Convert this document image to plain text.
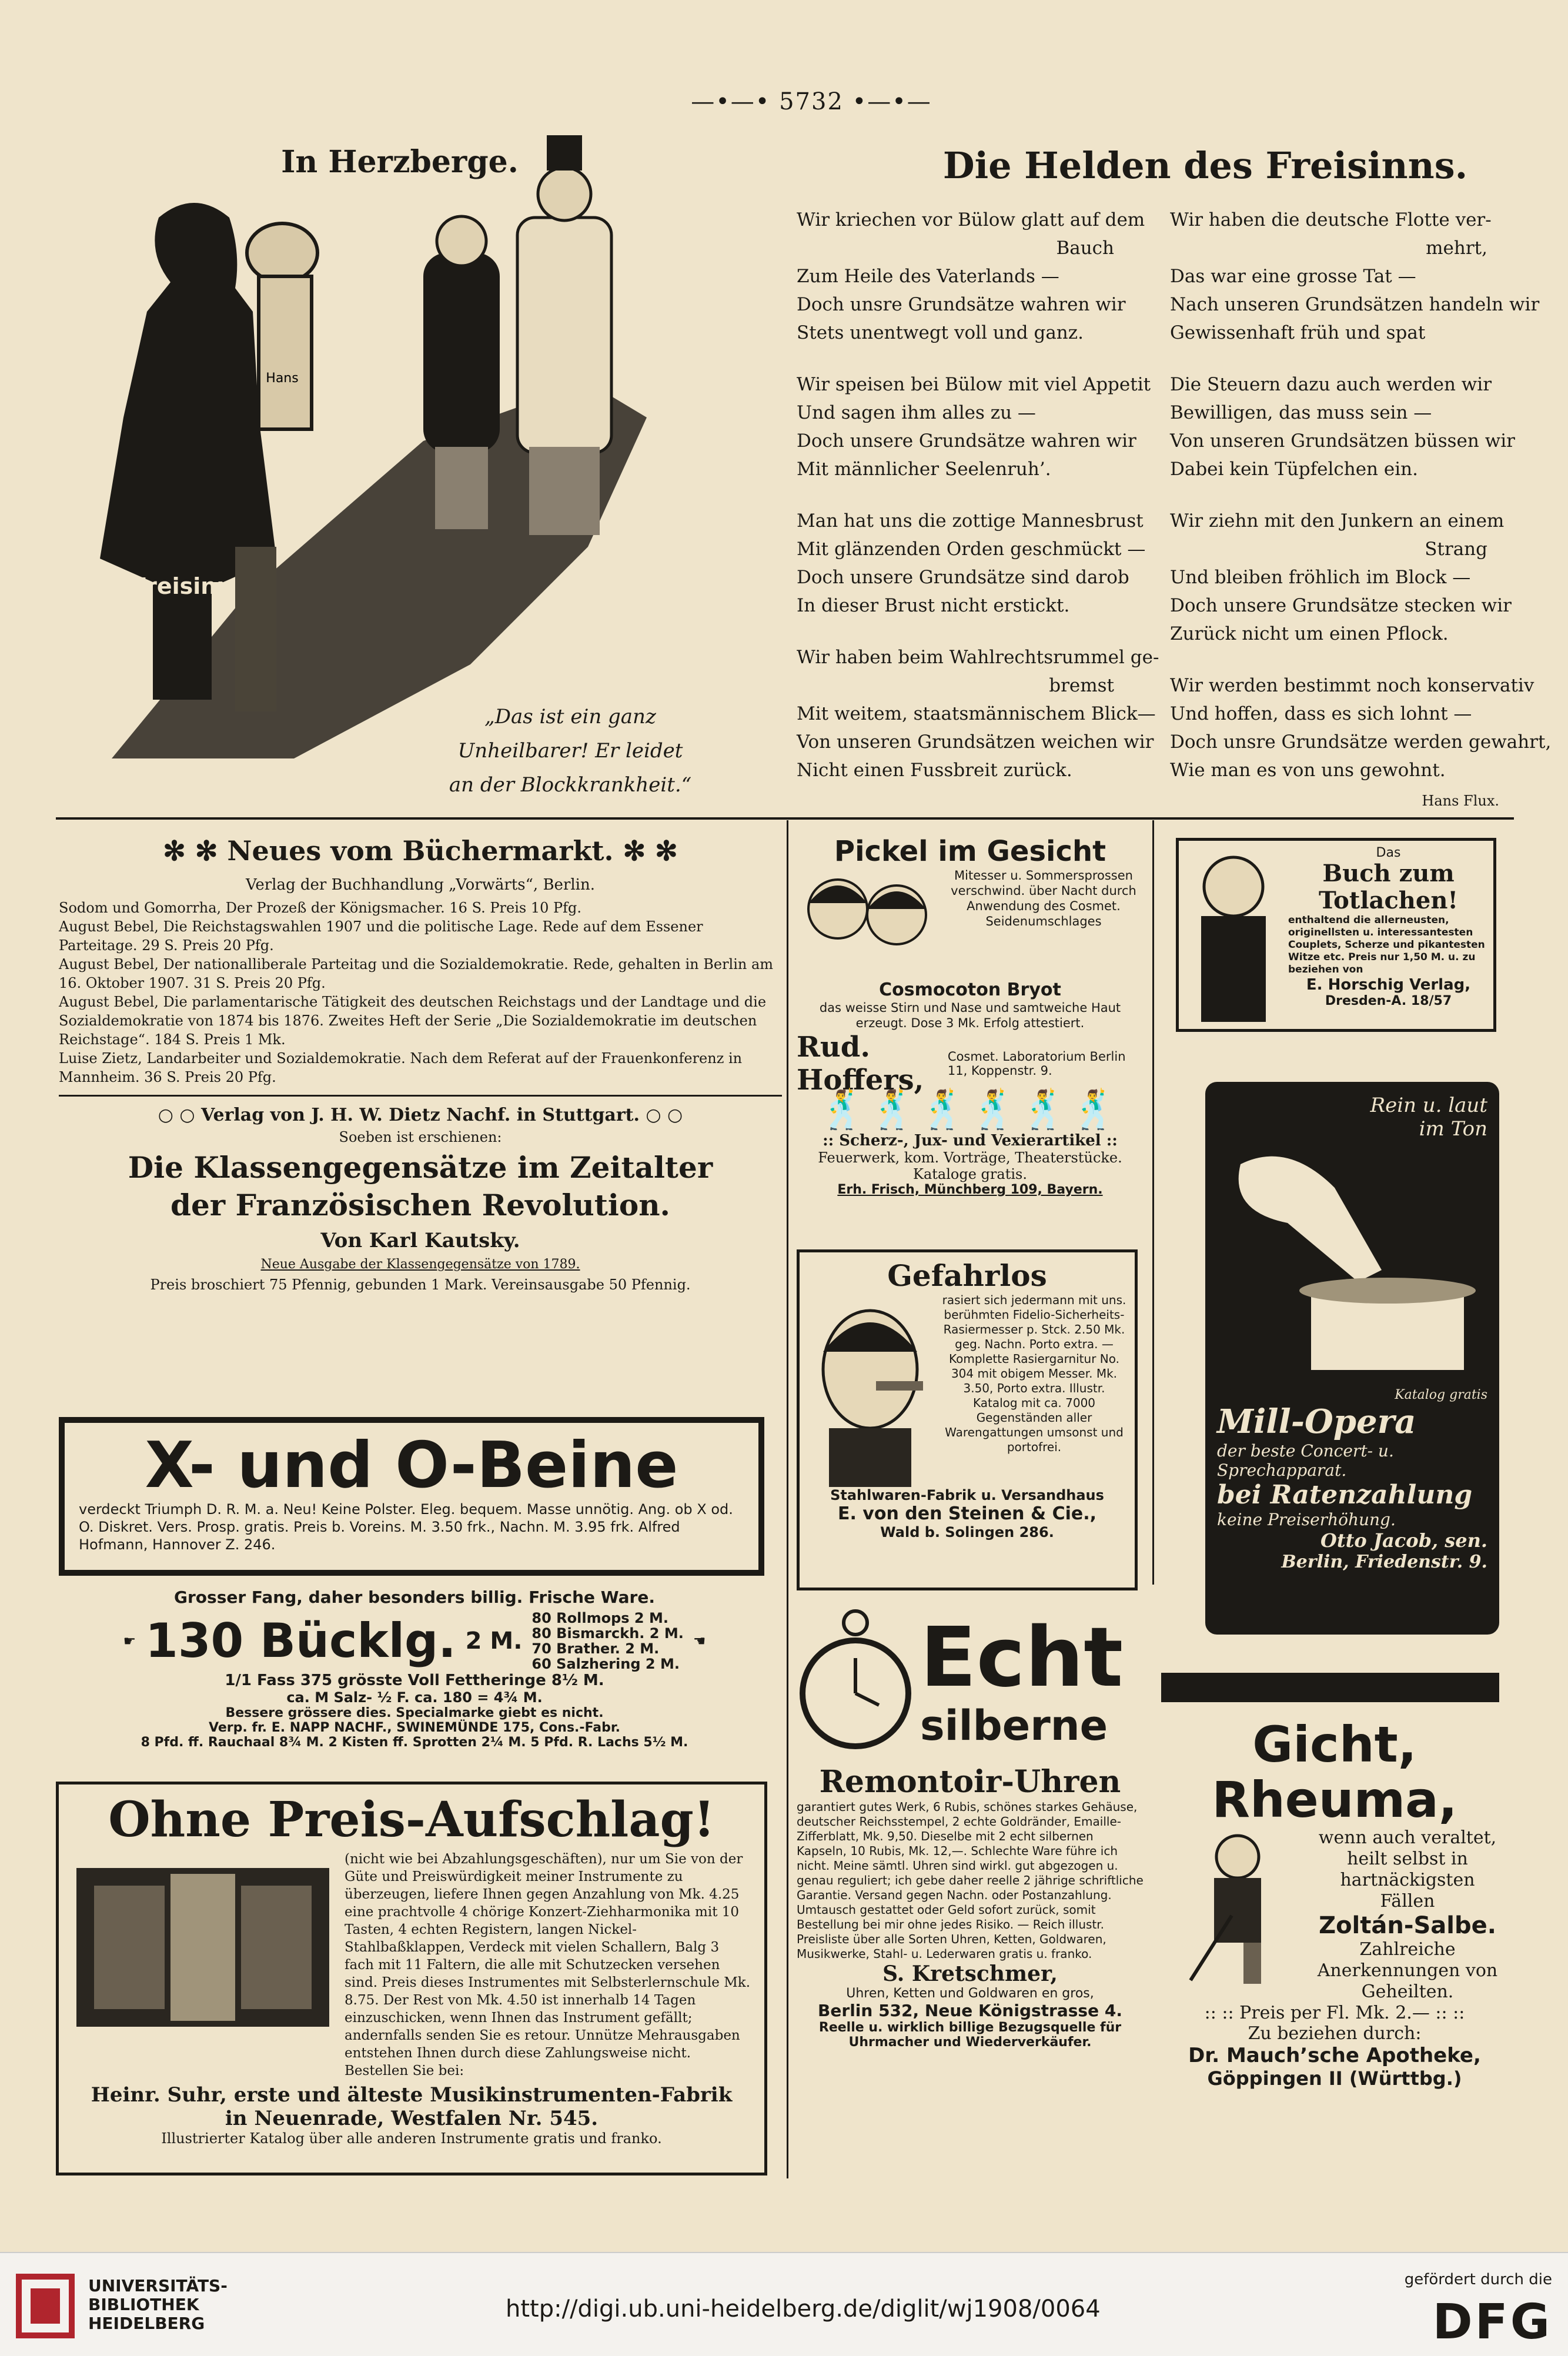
—•—• 5732 •—•—
In Herzberge.
Hans
Freisinn
„Das ist ein ganz
Unheilbarer! Er leidet
an der Blockkrankheit.“
Die Helden des Freisinns.
Wir kriechen vor Bülow glatt auf dem
Bauch
Zum Heile des Vaterlands —
Doch unsre Grundsätze wahren wir
Stets unentwegt voll und ganz.
Wir speisen bei Bülow mit viel Appetit
Und sagen ihm alles zu —
Doch unsere Grundsätze wahren wir
Mit männlicher Seelenruh’.
Man hat uns die zottige Mannesbrust
Mit glänzenden Orden geschmückt —
Doch unsere Grundsätze sind darob
In dieser Brust nicht erstickt.
Wir haben beim Wahlrechtsrummel ge-
bremst
Mit weitem, staatsmännischem Blick—
Von unseren Grundsätzen weichen wir
Nicht einen Fussbreit zurück.
Wir haben die deutsche Flotte ver-
mehrt,
Das war eine grosse Tat —
Nach unseren Grundsätzen handeln wir
Gewissenhaft früh und spat
Die Steuern dazu auch werden wir
Bewilligen, das muss sein —
Von unseren Grundsätzen büssen wir
Dabei kein Tüpfelchen ein.
Wir ziehn mit den Junkern an einem
Strang
Und bleiben fröhlich im Block —
Doch unsere Grundsätze stecken wir
Zurück nicht um einen Pflock.
Wir werden bestimmt noch konservativ
Und hoffen, dass es sich lohnt —
Doch unsre Grundsätze werden gewahrt,
Wie man es von uns gewohnt.
Hans Flux.
✻ ✻ Neues vom Büchermarkt. ✻ ✻
Verlag der Buchhandlung „Vorwärts“, Berlin.
Sodom und Gomorrha, Der Prozeß der Königsmacher. 16 S. Preis 10 Pfg.
August Bebel, Die Reichstagswahlen 1907 und die politische Lage. Rede auf dem Essener Parteitage. 29 S. Preis 20 Pfg.
August Bebel, Der nationalliberale Parteitag und die Sozialdemokratie. Rede, gehalten in Berlin am 16. Oktober 1907. 31 S. Preis 20 Pfg.
August Bebel, Die parlamentarische Tätigkeit des deutschen Reichstags und der Landtage und die Sozialdemokratie von 1874 bis 1876. Zweites Heft der Serie „Die Sozialdemokratie im deutschen Reichstage“. 184 S. Preis 1 Mk.
Luise Zietz, Landarbeiter und Sozialdemokratie. Nach dem Referat auf der Frauenkonferenz in Mannheim. 36 S. Preis 20 Pfg.
○ ○ Verlag von J. H. W. Dietz Nachf. in Stuttgart. ○ ○
Soeben ist erschienen:
Die Klassengegensätze im Zeitalter
der Französischen Revolution.
Von Karl Kautsky.
Neue Ausgabe der Klassengegensätze von 1789.
Preis broschiert 75 Pfennig, gebunden 1 Mark. Vereinsausgabe 50 Pfennig.
X- und O-Beine
verdeckt Triumph D. R. M. a. Neu! Keine Polster. Eleg. bequem. Masse unnötig. Ang. ob X od. O. Diskret. Vers. Prosp. gratis. Preis b. Voreins. M. 3.50 frk., Nachn. M. 3.95 frk. Alfred Hofmann, Hannover Z. 246.
Grosser Fang, daher besonders billig. Frische Ware.
☛ 130 Bücklg. 2 M.
80 Rollmops 2 M.
80 Bismarckh. 2 M.
70 Brather. 2 M.
60 Salzhering 2 M.
☚
1/1 Fass 375 grösste Voll Fettheringe 8½ M.
ca. M Salz- ½ F. ca. 180 = 4¾ M.
Bessere grössere dies. Specialmarke giebt es nicht.
Verp. fr. E. NAPP NACHF., SWINEMÜNDE 175, Cons.-Fabr.
8 Pfd. ff. Rauchaal 8¾ M. 2 Kisten ff. Sprotten 2¼ M. 5 Pfd. R. Lachs 5½ M.
Ohne Preis-Aufschlag!
(nicht wie bei Abzahlungsgeschäften), nur um Sie von der Güte und Preiswürdigkeit meiner Instrumente zu überzeugen, liefere Ihnen gegen Anzahlung von Mk. 4.25 eine prachtvolle 4 chörige Konzert-Ziehharmonika mit 10 Tasten, 4 echten Registern, langen Nickel-Stahlbaßklappen, Verdeck mit vielen Schallern, Balg 3 fach mit 11 Faltern, die alle mit Schutzecken versehen sind. Preis dieses Instrumentes mit Selbsterlernschule Mk. 8.75. Der Rest von Mk. 4.50 ist innerhalb 14 Tagen einzuschicken, wenn Ihnen das Instrument gefällt; andernfalls senden Sie es retour. Unnütze Mehrausgaben entstehen Ihnen durch diese Zahlungsweise nicht. Bestellen Sie bei:
Heinr. Suhr, erste und älteste Musikinstrumenten-Fabrik
in Neuenrade, Westfalen Nr. 545.
Illustrierter Katalog über alle anderen Instrumente gratis und franko.
Pickel im Gesicht
Mitesser u. Sommersprossen verschwind. über Nacht durch Anwendung des Cosmet. Seidenumschlages
Cosmocoton Bryot
das weisse Stirn und Nase und samtweiche Haut erzeugt. Dose 3 Mk. Erfolg attestiert.
Rud. Hoffers,
Cosmet. Laboratorium Berlin 11, Koppenstr. 9.
🕺🕺🕺🕺🕺🕺
:: Scherz-, Jux- und Vexierartikel ::
Feuerwerk, kom. Vorträge, Theaterstücke.
Kataloge gratis.
Erh. Frisch, Münchberg 109, Bayern.
Gefahrlos
rasiert sich jedermann mit uns. berühmten Fidelio-Sicherheits-Rasiermesser p. Stck. 2.50 Mk. geg. Nachn. Porto extra. — Komplette Rasiergarnitur No. 304 mit obigem Messer. Mk. 3.50, Porto extra. Illustr. Katalog mit ca. 7000 Gegenständen aller Warengattungen umsonst und portofrei.
Stahlwaren-Fabrik u. Versandhaus
E. von den Steinen & Cie.,
Wald b. Solingen 286.
Echt
silberne
Remontoir-Uhren
garantiert gutes Werk, 6 Rubis, schönes starkes Gehäuse, deutscher Reichsstempel, 2 echte Goldränder, Emaille-Zifferblatt, Mk. 9,50. Dieselbe mit 2 echt silbernen Kapseln, 10 Rubis, Mk. 12,—. Schlechte Ware führe ich nicht. Meine sämtl. Uhren sind wirkl. gut abgezogen u. genau reguliert; ich gebe daher reelle 2 jährige schriftliche Garantie. Versand gegen Nachn. oder Postanzahlung. Umtausch gestattet oder Geld sofort zurück, somit Bestellung bei mir ohne jedes Risiko. — Reich illustr. Preisliste über alle Sorten Uhren, Ketten, Goldwaren, Musikwerke, Stahl- u. Lederwaren gratis u. franko.
S. Kretschmer,
Uhren, Ketten und Goldwaren en gros,
Berlin 532, Neue Königstrasse 4.
Reelle u. wirklich billige Bezugsquelle für Uhrmacher und Wiederverkäufer.
Das
Buch zum Totlachen!
enthaltend die allerneusten, originellsten u. interessantesten Couplets, Scherze und pikantesten Witze etc. Preis nur 1,50 M. u. zu beziehen von
E. Horschig Verlag,
Dresden-A. 18/57
Rein u. laut im Ton
Katalog gratis
Mill-Opera
der beste Concert- u. Sprechapparat.
bei Ratenzahlung
keine Preiserhöhung.
Otto Jacob, sen.
Berlin, Friedenstr. 9.
Gicht,
Rheuma,
wenn auch veraltet, heilt selbst in hartnäckigsten Fällen
Zoltán-Salbe.
Zahlreiche Anerkennungen von Geheilten.
:: :: Preis per Fl. Mk. 2.— :: ::
Zu beziehen durch:
Dr. Mauch’sche Apotheke,
Göppingen II (Württbg.)
UNIVERSITÄTS-
BIBLIOTHEK
HEIDELBERG
http://digi.ub.uni-heidelberg.de/diglit/wj1908/0064
gefördert durch die
DFG
